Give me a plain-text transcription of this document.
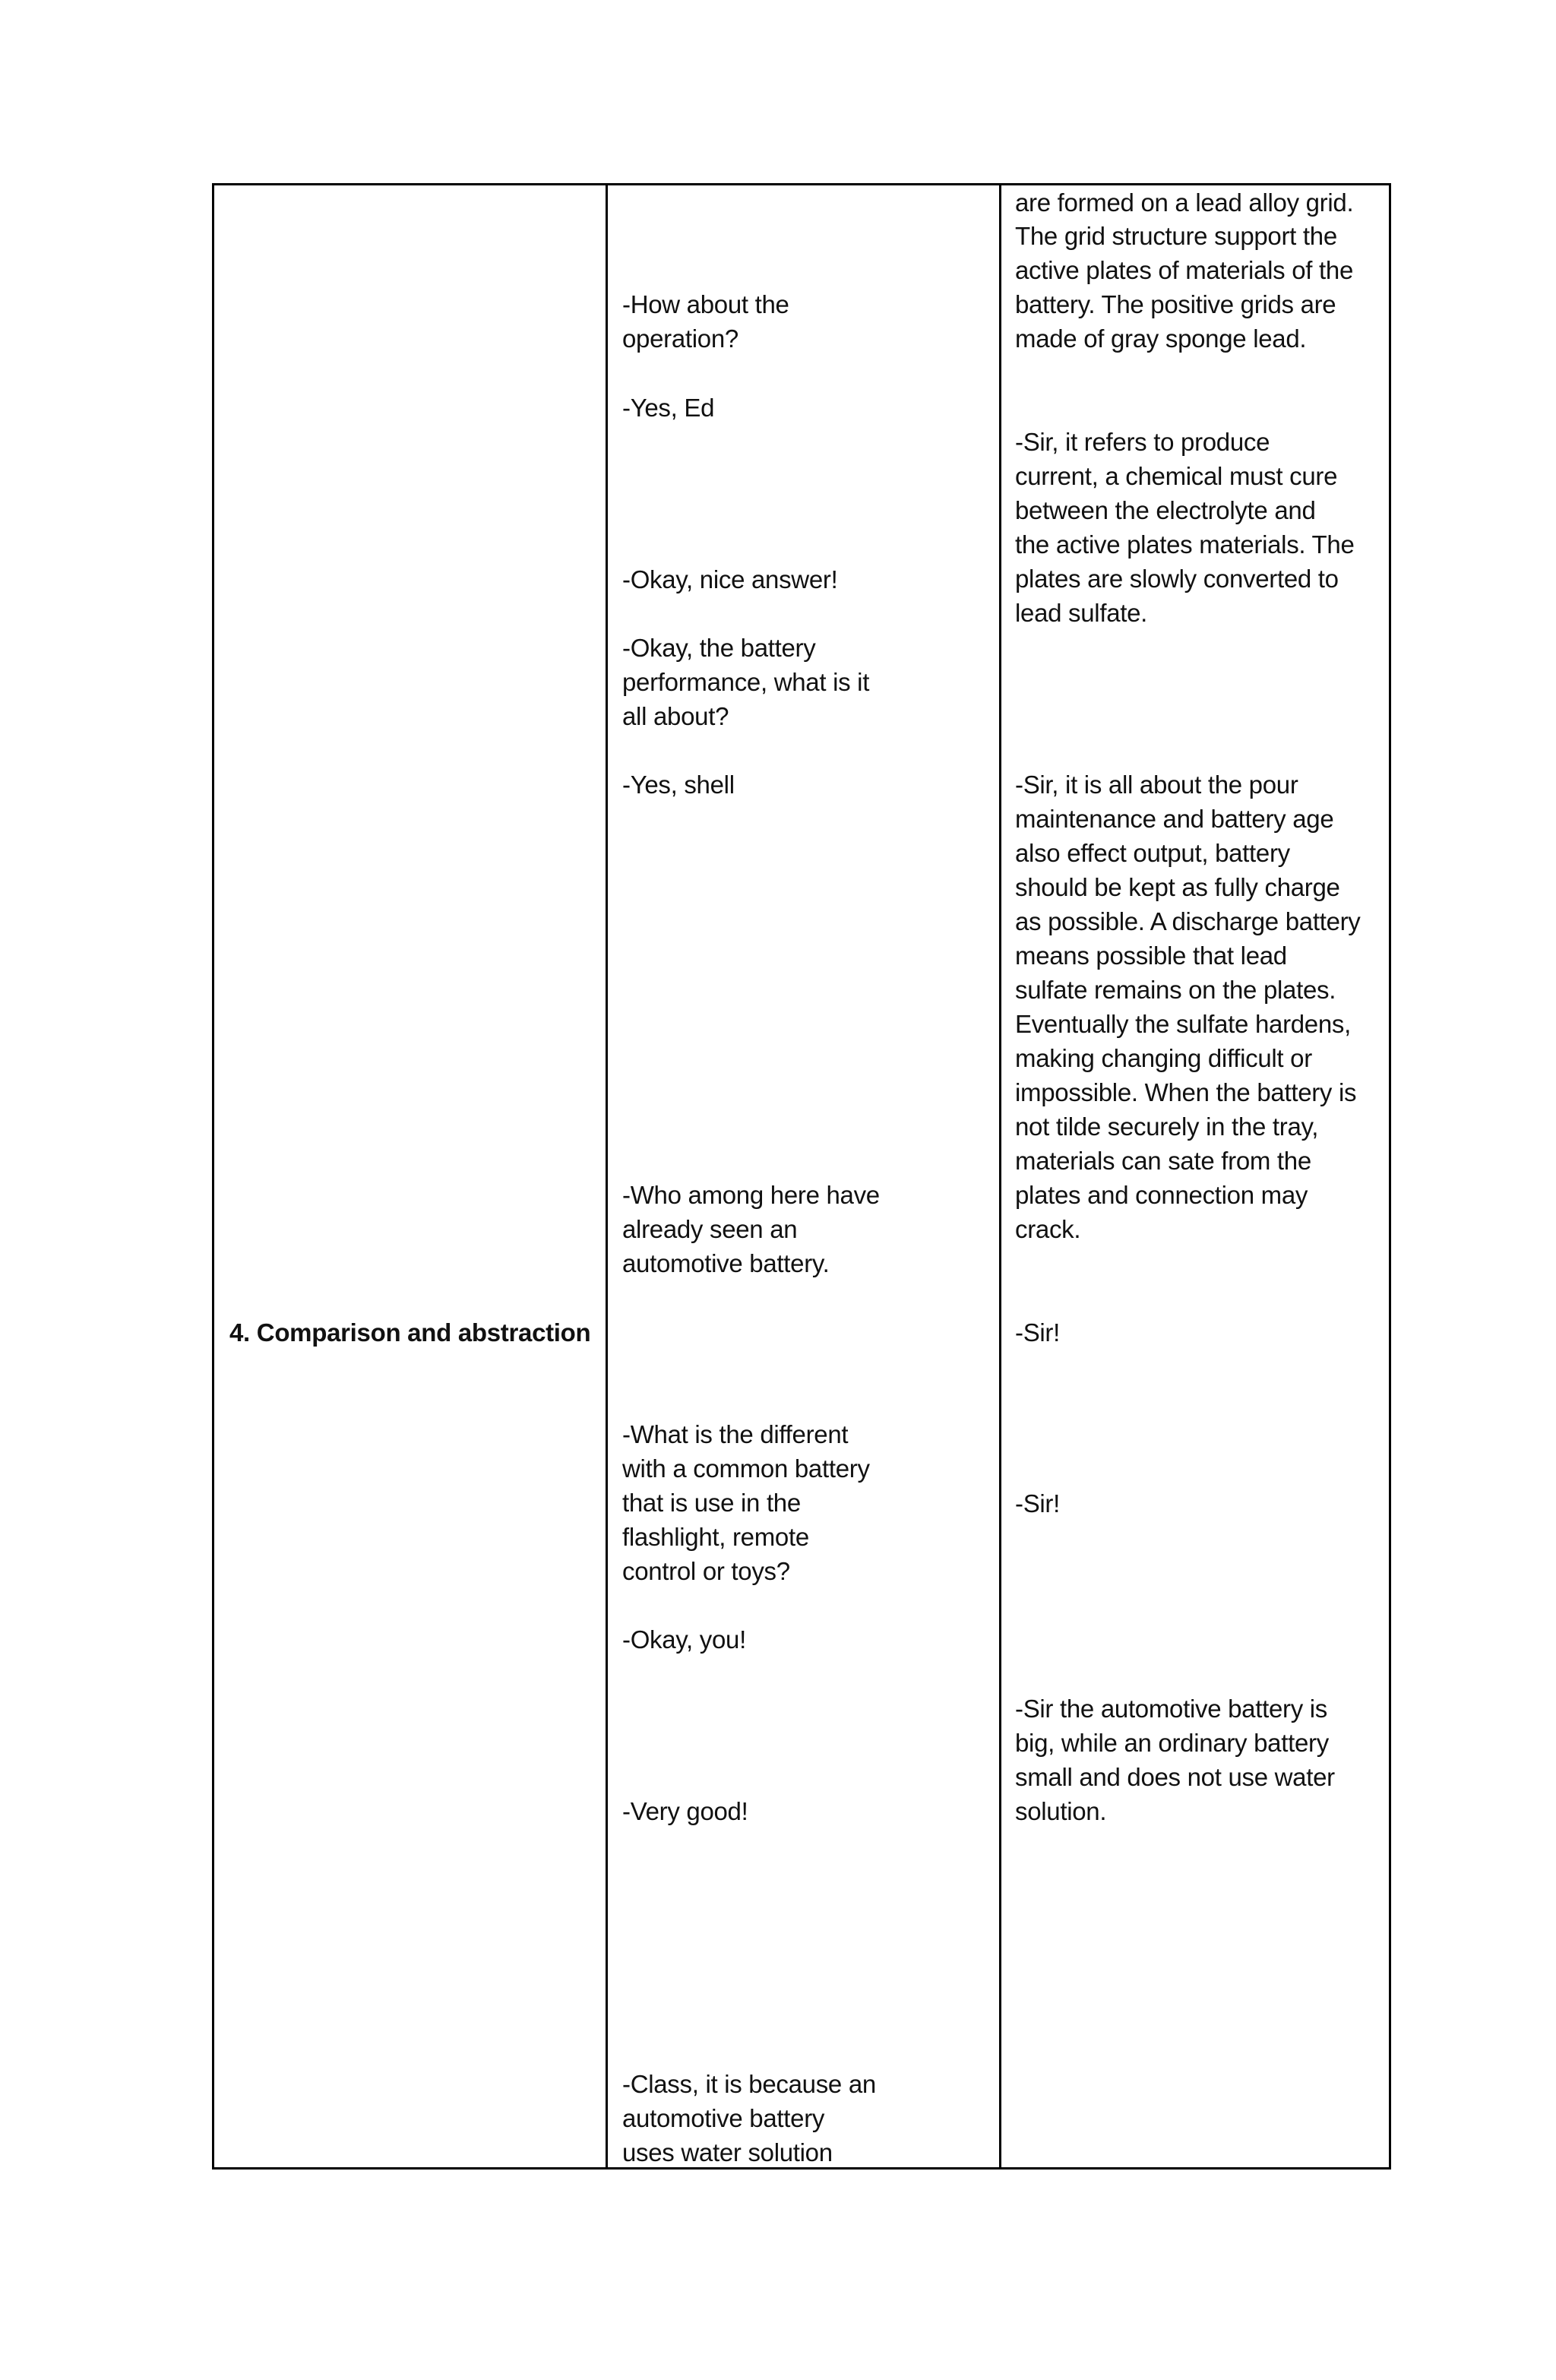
4. Comparison and abstraction
-How about the
operation?
-Yes, Ed
-Okay, nice answer!
-Okay, the battery
performance, what is it
all about?
-Yes, shell
-Who among here have
already seen an
automotive battery.
-What is the different
with a common battery
that is use in the
flashlight, remote
control or toys?
-Okay, you!
-Very good!
-Class, it is because an
automotive battery
uses water solution
are formed on a lead alloy grid.
The grid structure support the
active plates of materials of the
battery. The positive grids are
made of gray sponge lead.
-Sir, it refers to produce
current, a chemical must cure
between the electrolyte and
the active plates materials. The
plates are slowly converted to
lead sulfate.
-Sir, it is all about the pour
maintenance and battery age
also effect output, battery
should be kept as fully charge
as possible. A discharge battery
means possible that lead
sulfate remains on the plates.
Eventually the sulfate hardens,
making changing difficult or
impossible. When the battery is
not tilde securely in the tray,
materials can sate from the
plates and connection may
crack.
-Sir!
-Sir!
-Sir the automotive battery is
big, while an ordinary battery
small and does not use water
solution.
